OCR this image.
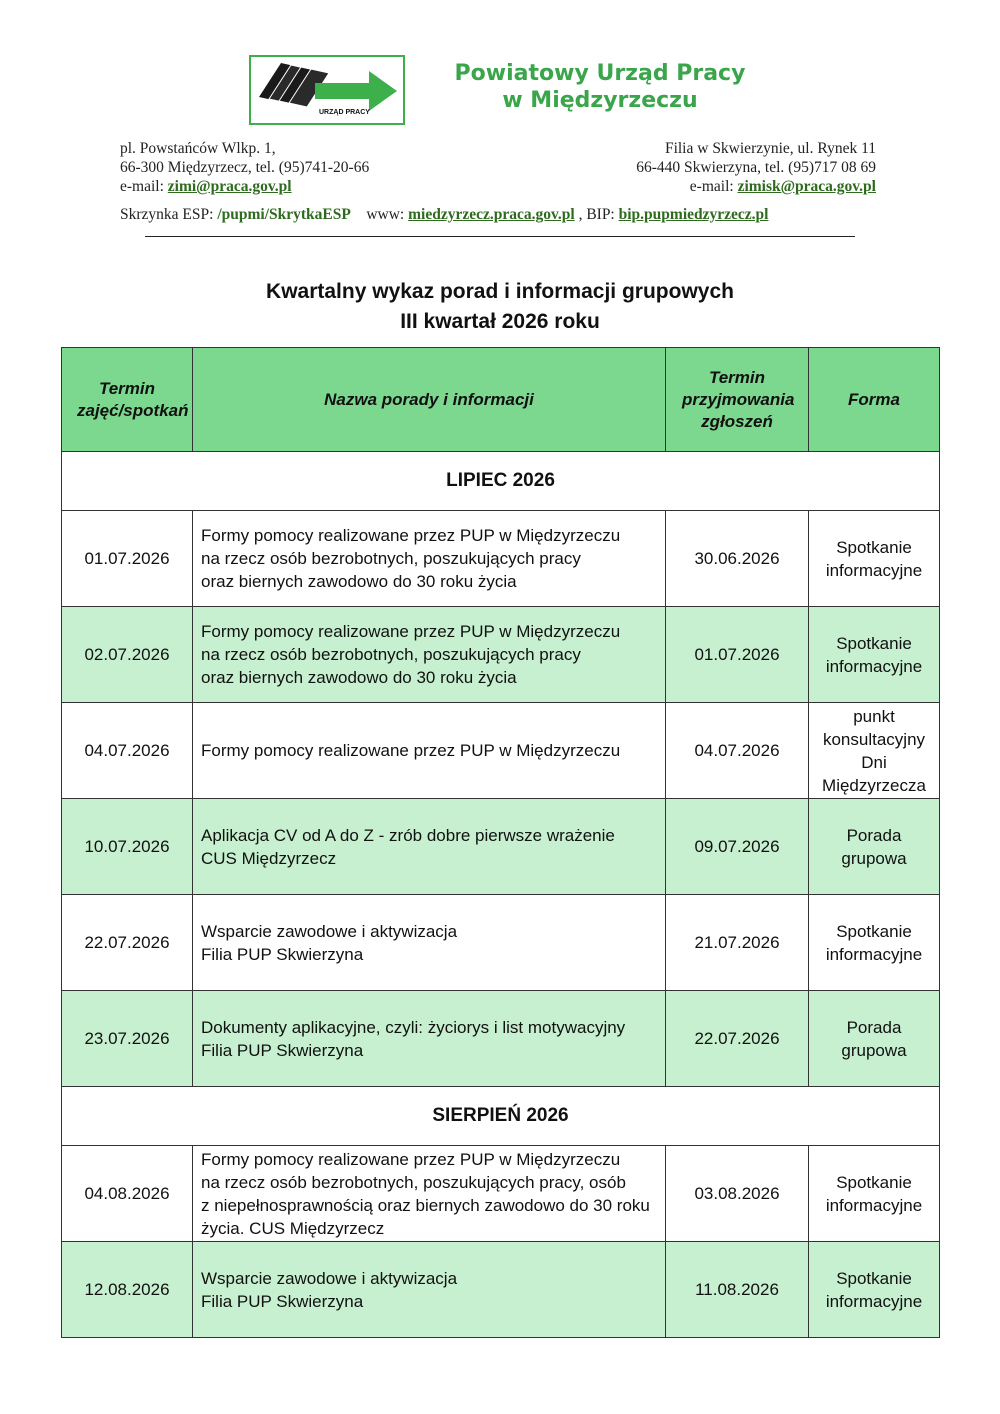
URZĄD PRACY
Powiatowy Urząd Pracy
w Międzyrzeczu
pl. Powstańców Wlkp. 1,
66-300 Międzyrzecz, tel. (95)741-20-66
e-mail: zimi@praca.gov.pl
Filia w Skwierzynie, ul. Rynek 11
66-440 Skwierzyna, tel. (95)717 08 69
e-mail: zimisk@praca.gov.pl
Skrzynka ESP: /pupmi/SkrytkaESP www: miedzyrzecz.praca.gov.pl , BIP: bip.pupmiedzyrzecz.pl
Kwartalny wykaz porad i informacji grupowych
III kwartał 2026 roku
Termin zajęć/spotkań	Nazwa porady i informacji	Termin przyjmowania zgłoszeń	Forma
LIPIEC 2026			
01.07.2026	Formy pomocy realizowane przez PUP w Międzyrzeczu
na rzecz osób bezrobotnych, poszukujących pracy
oraz biernych zawodowo do 30 roku życia	30.06.2026	Spotkanie
informacyjne
02.07.2026	Formy pomocy realizowane przez PUP w Międzyrzeczu
na rzecz osób bezrobotnych, poszukujących pracy
oraz biernych zawodowo do 30 roku życia	01.07.2026	Spotkanie
informacyjne
04.07.2026	Formy pomocy realizowane przez PUP w Międzyrzeczu	04.07.2026	punkt
konsultacyjny
Dni
Międzyrzecza
10.07.2026	Aplikacja CV od A do Z - zrób dobre pierwsze wrażenie
CUS Międzyrzecz	09.07.2026	Porada
grupowa
22.07.2026	Wsparcie zawodowe i aktywizacja
Filia PUP Skwierzyna	21.07.2026	Spotkanie
informacyjne
23.07.2026	Dokumenty aplikacyjne, czyli: życiorys i list motywacyjny
Filia PUP Skwierzyna	22.07.2026	Porada
grupowa
SIERPIEŃ 2026			
04.08.2026	Formy pomocy realizowane przez PUP w Międzyrzeczu
na rzecz osób bezrobotnych, poszukujących pracy, osób
z niepełnosprawnością oraz biernych zawodowo do 30 roku
życia. CUS Międzyrzecz	03.08.2026	Spotkanie
informacyjne
12.08.2026	Wsparcie zawodowe i aktywizacja
Filia PUP Skwierzyna	11.08.2026	Spotkanie
informacyjne
